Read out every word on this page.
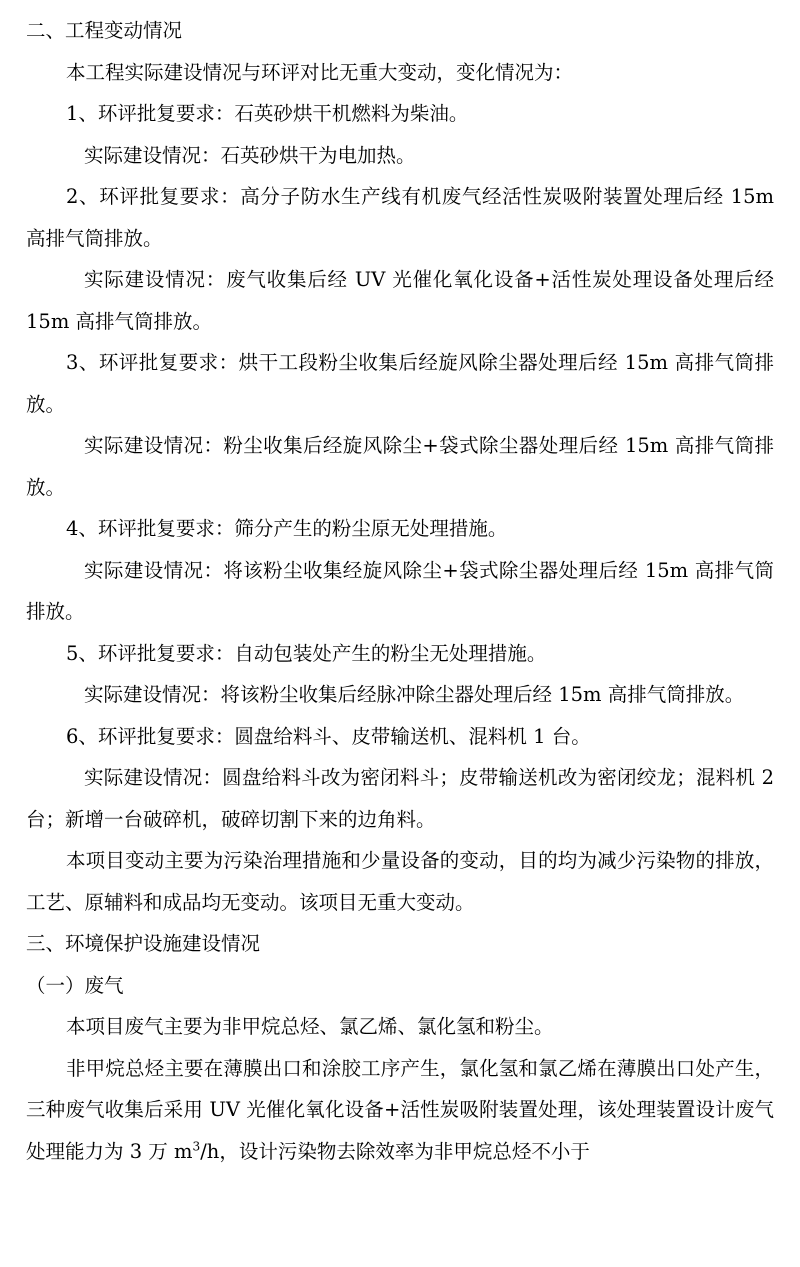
二、工程变动情况
本工程实际建设情况与环评对比无重大变动，变化情况为：
1、环评批复要求：石英砂烘干机燃料为柴油。
实际建设情况：石英砂烘干为电加热。
2、环评批复要求：高分子防水生产线有机废气经活性炭吸附装置处理后经 15m 高排气筒排放。
实际建设情况：废气收集后经 UV 光催化氧化设备+活性炭处理设备处理后经 15m 高排气筒排放。
3、环评批复要求：烘干工段粉尘收集后经旋风除尘器处理后经 15m 高排气筒排放。
实际建设情况：粉尘收集后经旋风除尘+袋式除尘器处理后经 15m 高排气筒排放。
4、环评批复要求：筛分产生的粉尘原无处理措施。
实际建设情况：将该粉尘收集经旋风除尘+袋式除尘器处理后经 15m 高排气筒排放。
5、环评批复要求：自动包装处产生的粉尘无处理措施。
实际建设情况：将该粉尘收集后经脉冲除尘器处理后经 15m 高排气筒排放。
6、环评批复要求：圆盘给料斗、皮带输送机、混料机 1 台。
实际建设情况：圆盘给料斗改为密闭料斗；皮带输送机改为密闭绞龙；混料机 2 台；新增一台破碎机，破碎切割下来的边角料。
本项目变动主要为污染治理措施和少量设备的变动，目的均为减少污染物的排放，工艺、原辅料和成品均无变动。该项目无重大变动。
三、环境保护设施建设情况
（一）废气
本项目废气主要为非甲烷总烃、氯乙烯、氯化氢和粉尘。
非甲烷总烃主要在薄膜出口和涂胶工序产生，氯化氢和氯乙烯在薄膜出口处产生，三种废气收集后采用 UV 光催化氧化设备+活性炭吸附装置处理，该处理装置设计废气处理能力为 3 万 $m^3/h$，设计污染物去除效率为非甲烷总烃不小于
